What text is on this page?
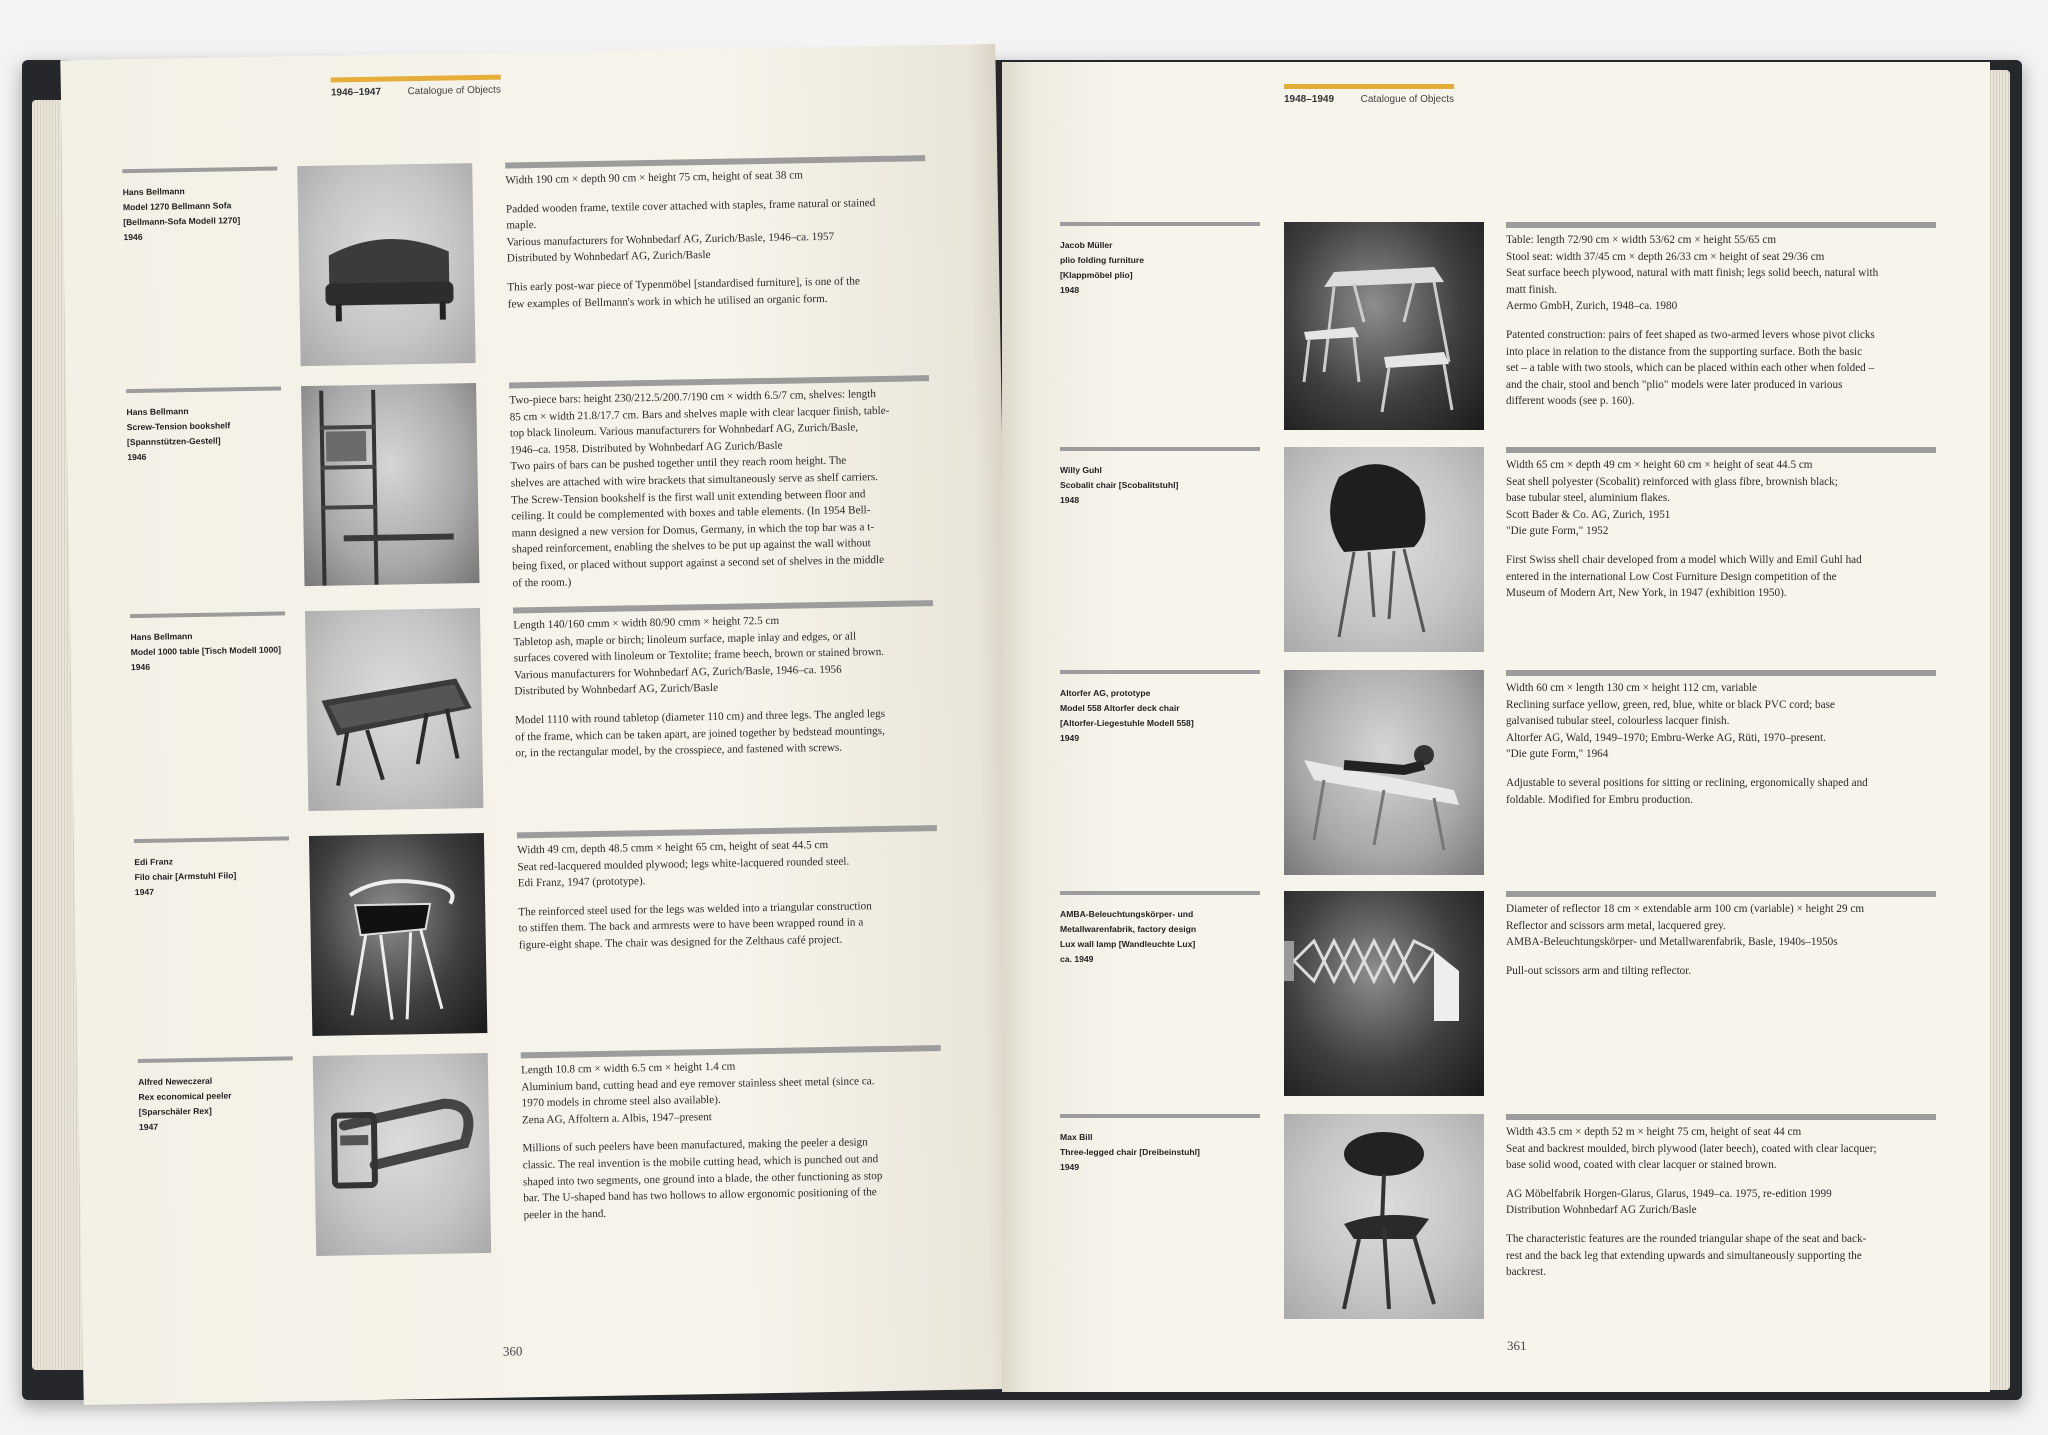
1946–1947	Catalogue of Objects
Hans Bellmann
Model 1270 Bellmann Sofa
[Bellmann-Sofa Modell 1270]
1946

Width 190 cm × depth 90 cm × height 75 cm, height of seat 38 cm

Padded wooden frame, textile cover attached with staples, frame natural or stained
maple.
Various manufacturers for Wohnbedarf AG, Zurich/Basle, 1946–ca. 1957
Distributed by Wohnbedarf AG, Zurich/Basle

This early post-war piece of Typenmöbel [standardised furniture], is one of the
few examples of Bellmann's work in which he utilised an organic form.

Hans Bellmann
Screw-Tension bookshelf
[Spannstützen-Gestell]
1946

Two-piece bars: height 230/212.5/200.7/190 cm × width 6.5/7 cm, shelves: length
85 cm × width 21.8/17.7 cm. Bars and shelves maple with clear lacquer finish, table-
top black linoleum. Various manufacturers for Wohnbedarf AG, Zurich/Basle,
1946–ca. 1958. Distributed by Wohnbedarf AG Zurich/Basle
Two pairs of bars can be pushed together until they reach room height. The
shelves are attached with wire brackets that simultaneously serve as shelf carriers.
The Screw-Tension bookshelf is the first wall unit extending between floor and
ceiling. It could be complemented with boxes and table elements. (In 1954 Bell-
mann designed a new version for Domus, Germany, in which the top bar was a t-
shaped reinforcement, enabling the shelves to be put up against the wall without
being fixed, or placed without support against a second set of shelves in the middle
of the room.)

Hans Bellmann
Model 1000 table [Tisch Modell 1000]
1946

Length 140/160 cmm × width 80/90 cmm × height 72.5 cm
Tabletop ash, maple or birch; linoleum surface, maple inlay and edges, or all
surfaces covered with linoleum or Textolite; frame beech, brown or stained brown.
Various manufacturers for Wohnbedarf AG, Zurich/Basle, 1946–ca. 1956
Distributed by Wohnbedarf AG, Zurich/Basle

Model 1110 with round tabletop (diameter 110 cm) and three legs. The angled legs
of the frame, which can be taken apart, are joined together by bedstead mountings,
or, in the rectangular model, by the crosspiece, and fastened with screws.

Edi Franz
Filo chair [Armstuhl Filo]
1947

Width 49 cm, depth 48.5 cmm × height 65 cm, height of seat 44.5 cm
Seat red-lacquered moulded plywood; legs white-lacquered rounded steel.
Edi Franz, 1947 (prototype).

The reinforced steel used for the legs was welded into a triangular construction
to stiffen them. The back and armrests were to have been wrapped round in a
figure-eight shape. The chair was designed for the Zelthaus café project.

Alfred Neweczeral
Rex economical peeler
[Sparschäler Rex]
1947

Length 10.8 cm × width 6.5 cm × height 1.4 cm
Aluminium band, cutting head and eye remover stainless sheet metal (since ca.
1970 models in chrome steel also available).
Zena AG, Affoltern a. Albis, 1947–present

Millions of such peelers have been manufactured, making the peeler a design
classic. The real invention is the mobile cutting head, which is punched out and
shaped into two segments, one ground into a blade, the other functioning as stop
bar. The U-shaped band has two hollows to allow ergonomic positioning of the
peeler in the hand.

360
1948–1949	Catalogue of Objects
Jacob Müller
plio folding furniture
[Klappmöbel plio]
1948

Table: length 72/90 cm × width 53/62 cm × height 55/65 cm
Stool seat: width 37/45 cm × depth 26/33 cm × height of seat 29/36 cm
Seat surface beech plywood, natural with matt finish; legs solid beech, natural with
matt finish.
Aermo GmbH, Zurich, 1948–ca. 1980

Patented construction: pairs of feet shaped as two-armed levers whose pivot clicks
into place in relation to the distance from the supporting surface. Both the basic
set – a table with two stools, which can be placed within each other when folded –
and the chair, stool and bench "plio" models were later produced in various
different woods (see p. 160).

Willy Guhl
Scobalit chair [Scobalitstuhl]
1948

Width 65 cm × depth 49 cm × height 60 cm × height of seat 44.5 cm
Seat shell polyester (Scobalit) reinforced with glass fibre, brownish black;
base tubular steel, aluminium flakes.
Scott Bader & Co. AG, Zurich, 1951
"Die gute Form," 1952

First Swiss shell chair developed from a model which Willy and Emil Guhl had
entered in the international Low Cost Furniture Design competition of the
Museum of Modern Art, New York, in 1947 (exhibition 1950).

Altorfer AG, prototype
Model 558 Altorfer deck chair
[Altorfer-Liegestuhle Modell 558]
1949

Width 60 cm × length 130 cm × height 112 cm, variable
Reclining surface yellow, green, red, blue, white or black PVC cord; base
galvanised tubular steel, colourless lacquer finish.
Altorfer AG, Wald, 1949–1970; Embru-Werke AG, Rüti, 1970–present.
"Die gute Form," 1964

Adjustable to several positions for sitting or reclining, ergonomically shaped and
foldable. Modified for Embru production.

AMBA-Beleuchtungskörper- und
Metallwarenfabrik, factory design
Lux wall lamp [Wandleuchte Lux]
ca. 1949

Diameter of reflector 18 cm × extendable arm 100 cm (variable) × height 29 cm
Reflector and scissors arm metal, lacquered grey.
AMBA-Beleuchtungskörper- und Metallwarenfabrik, Basle, 1940s–1950s

Pull-out scissors arm and tilting reflector.

Max Bill
Three-legged chair [Dreibeinstuhl]
1949

Width 43.5 cm × depth 52 m × height 75 cm, height of seat 44 cm
Seat and backrest moulded, birch plywood (later beech), coated with clear lacquer;
base solid wood, coated with clear lacquer or stained brown.

AG Möbelfabrik Horgen-Glarus, Glarus, 1949–ca. 1975, re-edition 1999
Distribution Wohnbedarf AG Zurich/Basle

The characteristic features are the rounded triangular shape of the seat and back-
rest and the back leg that extending upwards and simultaneously supporting the
backrest.

361
